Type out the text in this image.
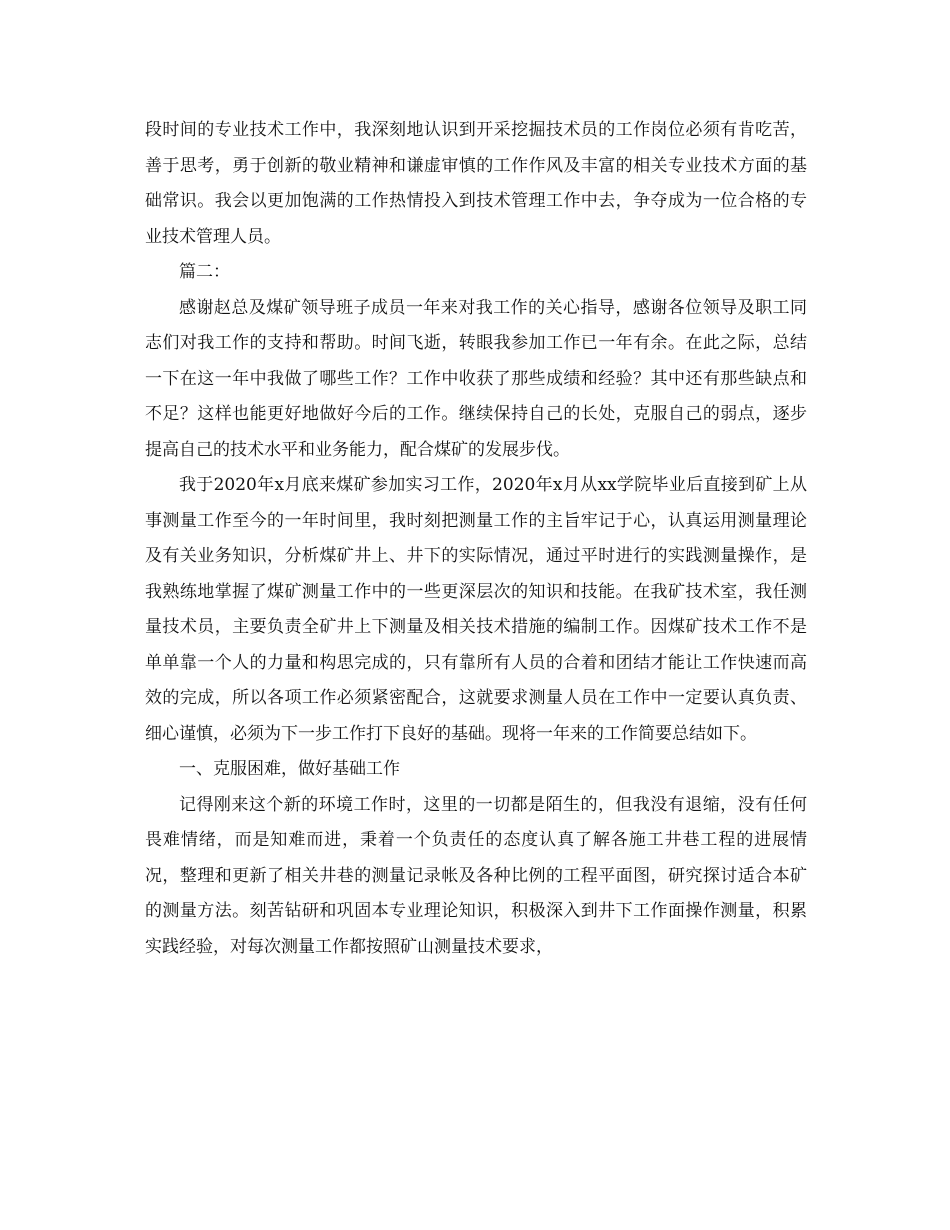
段时间的专业技术工作中，我深刻地认识到开采挖掘技术员的工作岗位必须有肯吃苦，善于思考，勇于创新的敬业精神和谦虚审慎的工作作风及丰富的相关专业技术方面的基础常识。我会以更加饱满的工作热情投入到技术管理工作中去，争夺成为一位合格的专业技术管理人员。

篇二：

感谢赵总及煤矿领导班子成员一年来对我工作的关心指导，感谢各位领导及职工同志们对我工作的支持和帮助。时间飞逝，转眼我参加工作已一年有余。在此之际，总结一下在这一年中我做了哪些工作？工作中收获了那些成绩和经验？其中还有那些缺点和不足？这样也能更好地做好今后的工作。继续保持自己的长处，克服自己的弱点，逐步提高自己的技术水平和业务能力，配合煤矿的发展步伐。

我于2020年x月底来煤矿参加实习工作，2020年x月从xx学院毕业后直接到矿上从事测量工作至今的一年时间里，我时刻把测量工作的主旨牢记于心，认真运用测量理论及有关业务知识，分析煤矿井上、井下的实际情况，通过平时进行的实践测量操作，是我熟练地掌握了煤矿测量工作中的一些更深层次的知识和技能。在我矿技术室，我任测量技术员，主要负责全矿井上下测量及相关技术措施的编制工作。因煤矿技术工作不是单单靠一个人的力量和构思完成的，只有靠所有人员的合着和团结才能让工作快速而高效的完成，所以各项工作必须紧密配合，这就要求测量人员在工作中一定要认真负责、细心谨慎，必须为下一步工作打下良好的基础。现将一年来的工作简要总结如下。

一、克服困难，做好基础工作

记得刚来这个新的环境工作时，这里的一切都是陌生的，但我没有退缩，没有任何畏难情绪，而是知难而进，秉着一个负责任的态度认真了解各施工井巷工程的进展情况，整理和更新了相关井巷的测量记录帐及各种比例的工程平面图，研究探讨适合本矿的测量方法。刻苦钻研和巩固本专业理论知识，积极深入到井下工作面操作测量，积累实践经验，对每次测量工作都按照矿山测量技术要求，
